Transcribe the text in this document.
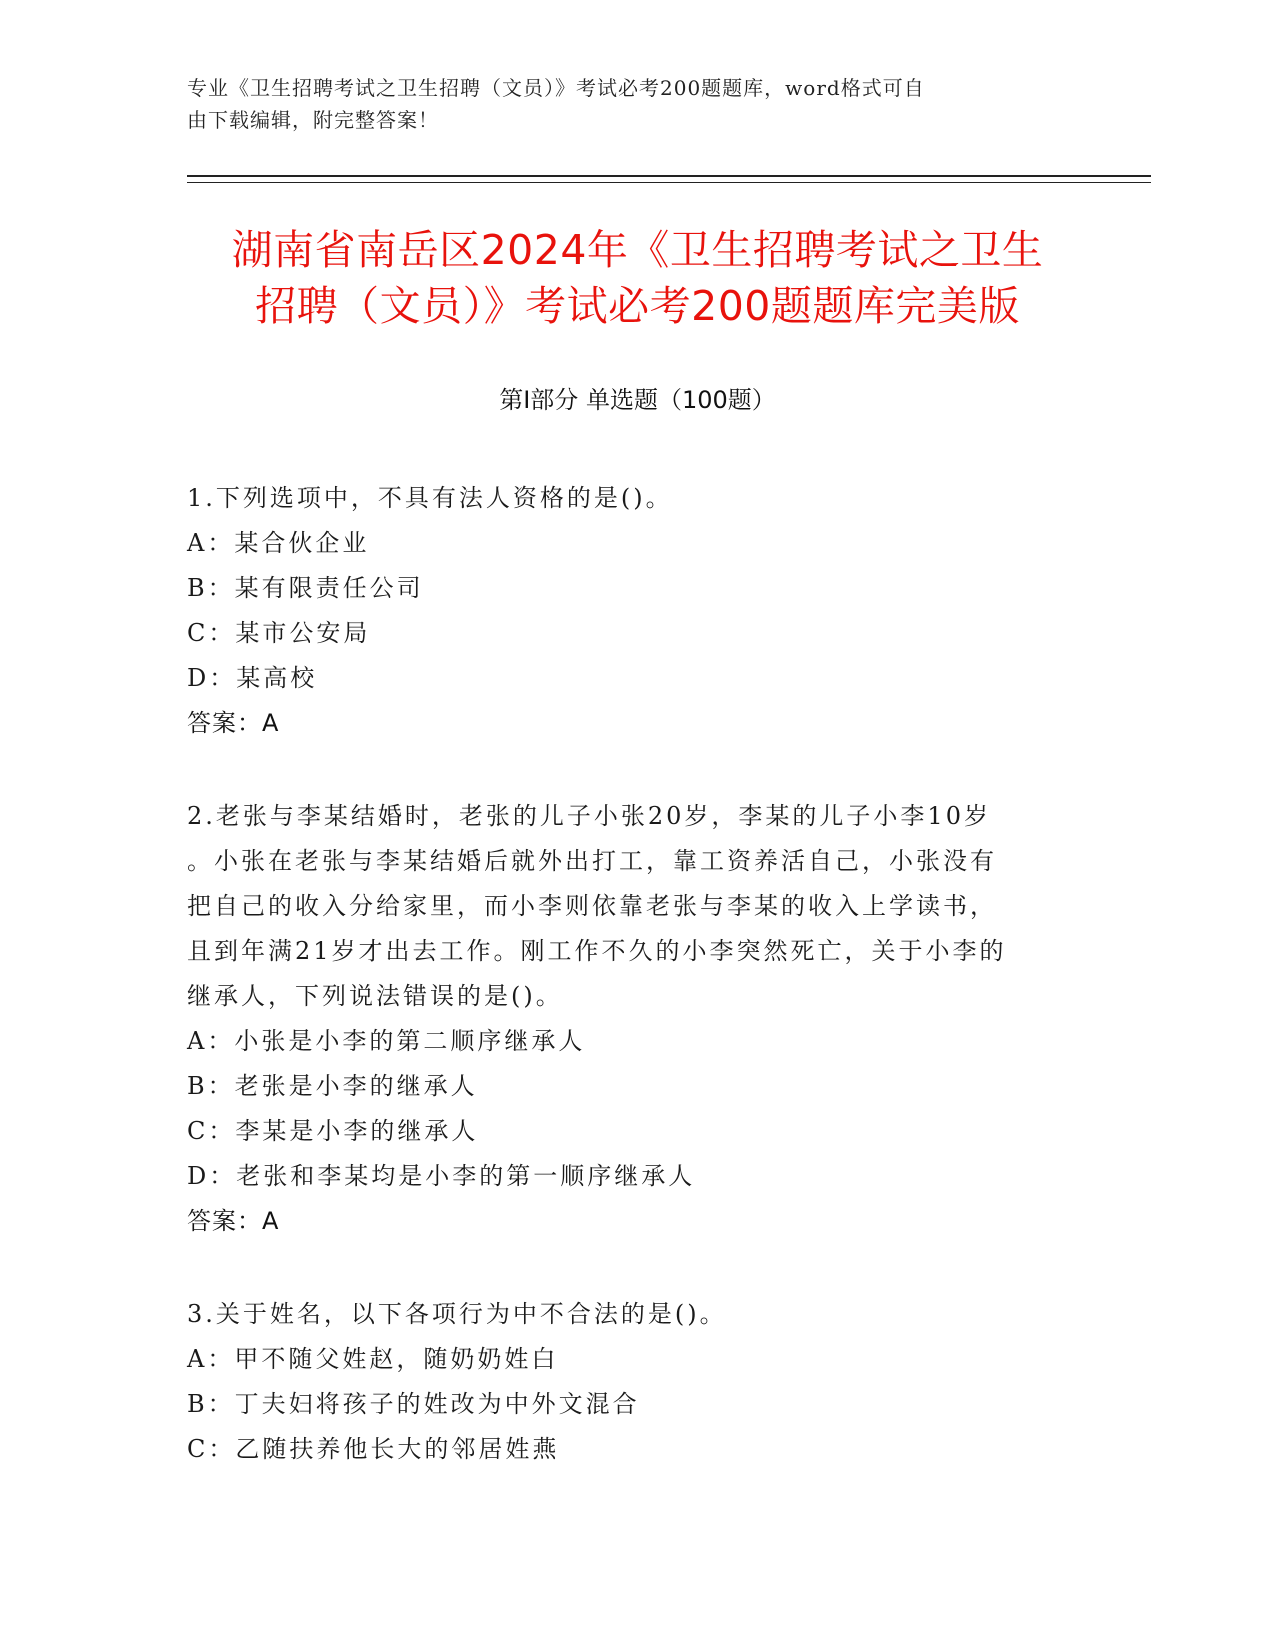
专业《卫生招聘考试之卫生招聘（文员）》考试必考200题题库，word格式可自
由下载编辑，附完整答案！
湖南省南岳区2024年《卫生招聘考试之卫生
招聘（文员）》考试必考200题题库完美版
第Ⅰ部分 单选题（100题）
1.下列选项中，不具有法人资格的是()。
A：某合伙企业
B：某有限责任公司
C：某市公安局
D：某高校
答案：A
2.老张与李某结婚时，老张的儿子小张20岁，李某的儿子小李10岁
。小张在老张与李某结婚后就外出打工，靠工资养活自己，小张没有
把自己的收入分给家里，而小李则依靠老张与李某的收入上学读书，
且到年满21岁才出去工作。刚工作不久的小李突然死亡，关于小李的
继承人，下列说法错误的是()。
A：小张是小李的第二顺序继承人
B：老张是小李的继承人
C：李某是小李的继承人
D：老张和李某均是小李的第一顺序继承人
答案：A
3.关于姓名，以下各项行为中不合法的是()。
A：甲不随父姓赵，随奶奶姓白
B：丁夫妇将孩子的姓改为中外文混合
C：乙随扶养他长大的邻居姓燕
